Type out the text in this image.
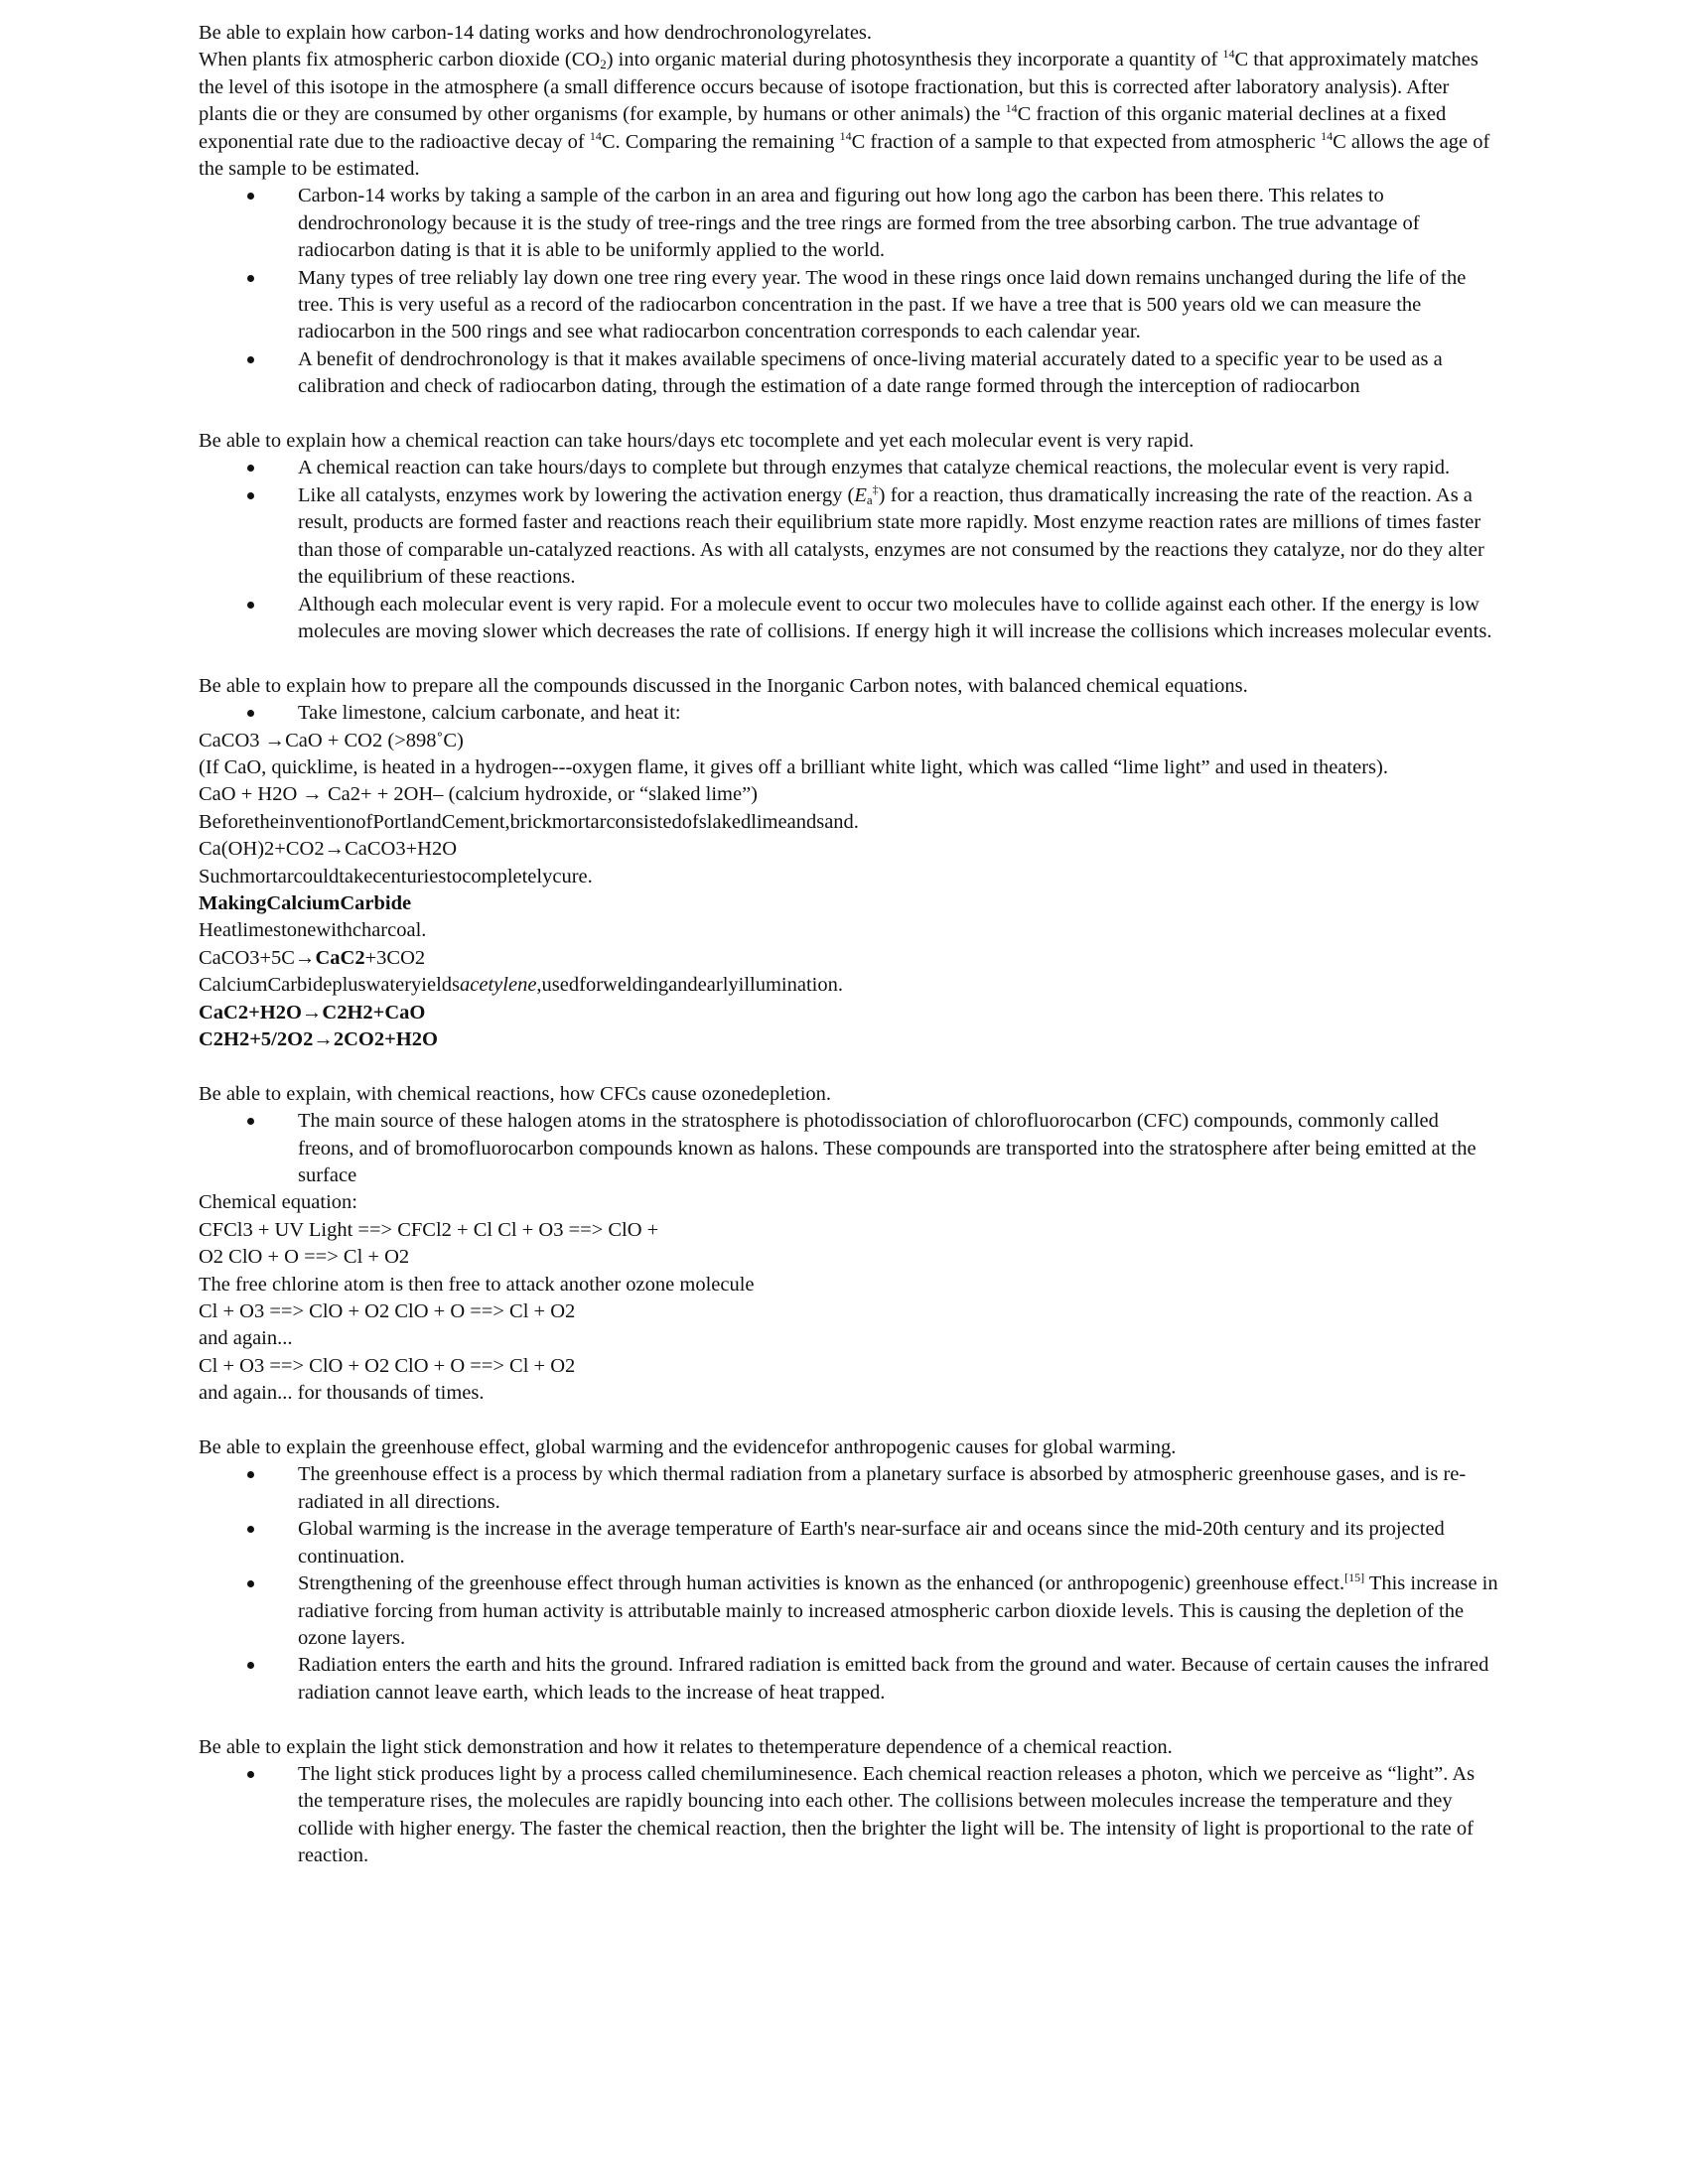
Be able to explain how carbon-14 dating works and how dendrochronologyrelates.

When plants fix atmospheric carbon dioxide $(CO_2)$ into organic material during photosynthesis they incorporate a quantity of $^{14}$C that approximately matches the level of this isotope in the atmosphere (a small difference occurs because of isotope fractionation, but this is corrected after laboratory analysis). After plants die or they are consumed by other organisms (for example, by humans or other animals) the $^{14}$C fraction of this organic material declines at a fixed exponential rate due to the radioactive decay of $^{14}$C. Comparing the remaining $^{14}$C fraction of a sample to that expected from atmospheric $^{14}$C allows the age of the sample to be estimated.

Carbon-14 works by taking a sample of the carbon in an area and figuring out how long ago the carbon has been there. This relates to dendrochronology because it is the study of tree-rings and the tree rings are formed from the tree absorbing carbon. The true advantage of radiocarbon dating is that it is able to be uniformly applied to the world.
Many types of tree reliably lay down one tree ring every year. The wood in these rings once laid down remains unchanged during the life of the tree. This is very useful as a record of the radiocarbon concentration in the past. If we have a tree that is 500 years old we can measure the radiocarbon in the 500 rings and see what radiocarbon concentration corresponds to each calendar year.
A benefit of dendrochronology is that it makes available specimens of once-living material accurately dated to a specific year to be used as a calibration and check of radiocarbon dating, through the estimation of a date range formed through the interception of radiocarbon

Be able to explain how a chemical reaction can take hours/days etc tocomplete and yet each molecular event is very rapid.

A chemical reaction can take hours/days to complete but through enzymes that catalyze chemical reactions, the molecular event is very rapid.
Like all catalysts, enzymes work by lowering the activation energy $(E_a^\ddagger)$ for a reaction, thus dramatically increasing the rate of the reaction. As a result, products are formed faster and reactions reach their equilibrium state more rapidly. Most enzyme reaction rates are millions of times faster than those of comparable un-catalyzed reactions. As with all catalysts, enzymes are not consumed by the reactions they catalyze, nor do they alter the equilibrium of these reactions.
Although each molecular event is very rapid. For a molecule event to occur two molecules have to collide against each other. If the energy is low molecules are moving slower which decreases the rate of collisions. If energy high it will increase the collisions which increases molecular events.

Be able to explain how to prepare all the compounds discussed in the Inorganic Carbon notes, with balanced chemical equations.

Take limestone, calcium carbonate, and heat it:

CaCO3 →CaO + CO2 (>898˚C)

(If CaO, quicklime, is heated in a hydrogen---oxygen flame, it gives off a brilliant white light, which was called “lime light” and used in theaters).

CaO + H2O → Ca2+ + 2OH– (calcium hydroxide, or “slaked lime”)

BeforetheinventionofPortlandCement,brickmortarconsistedofslakedlimeandsand.

Ca(OH)2+CO2→CaCO3+H2O

Suchmortarcouldtakecenturiestocompletelycure.

MakingCalciumCarbide

Heatlimestonewithcharcoal.

CaCO3+5C→CaC2+3CO2

CalciumCarbidepluswateryieldsacetylene,usedforweldingandearlyillumination.

CaC2+H2O→C2H2+CaO

C2H2+5/2O2→2CO2+H2O

Be able to explain, with chemical reactions, how CFCs cause ozonedepletion.

The main source of these halogen atoms in the stratosphere is photodissociation of chlorofluorocarbon (CFC) compounds, commonly called freons, and of bromofluorocarbon compounds known as halons. These compounds are transported into the stratosphere after being emitted at the surface

Chemical equation:

CFCl3 + UV Light ==> CFCl2 + Cl Cl + O3 ==> ClO +

O2 ClO + O ==> Cl + O2

The free chlorine atom is then free to attack another ozone molecule

Cl + O3 ==> ClO + O2 ClO + O ==> Cl + O2

and again...

Cl + O3 ==> ClO + O2 ClO + O ==> Cl + O2

and again... for thousands of times.

Be able to explain the greenhouse effect, global warming and the evidencefor anthropogenic causes for global warming.

The greenhouse effect is a process by which thermal radiation from a planetary surface is absorbed by atmospheric greenhouse gases, and is re-radiated in all directions.
Global warming is the increase in the average temperature of Earth's near-surface air and oceans since the mid-20th century and its projected continuation.
Strengthening of the greenhouse effect through human activities is known as the enhanced (or anthropogenic) greenhouse effect.[15] This increase in radiative forcing from human activity is attributable mainly to increased atmospheric carbon dioxide levels. This is causing the depletion of the ozone layers.
Radiation enters the earth and hits the ground. Infrared radiation is emitted back from the ground and water. Because of certain causes the infrared radiation cannot leave earth, which leads to the increase of heat trapped.

Be able to explain the light stick demonstration and how it relates to thetemperature dependence of a chemical reaction.

The light stick produces light by a process called chemiluminesence. Each chemical reaction releases a photon, which we perceive as “light”. As the temperature rises, the molecules are rapidly bouncing into each other. The collisions between molecules increase the temperature and they collide with higher energy. The faster the chemical reaction, then the brighter the light will be. The intensity of light is proportional to the rate of reaction.
